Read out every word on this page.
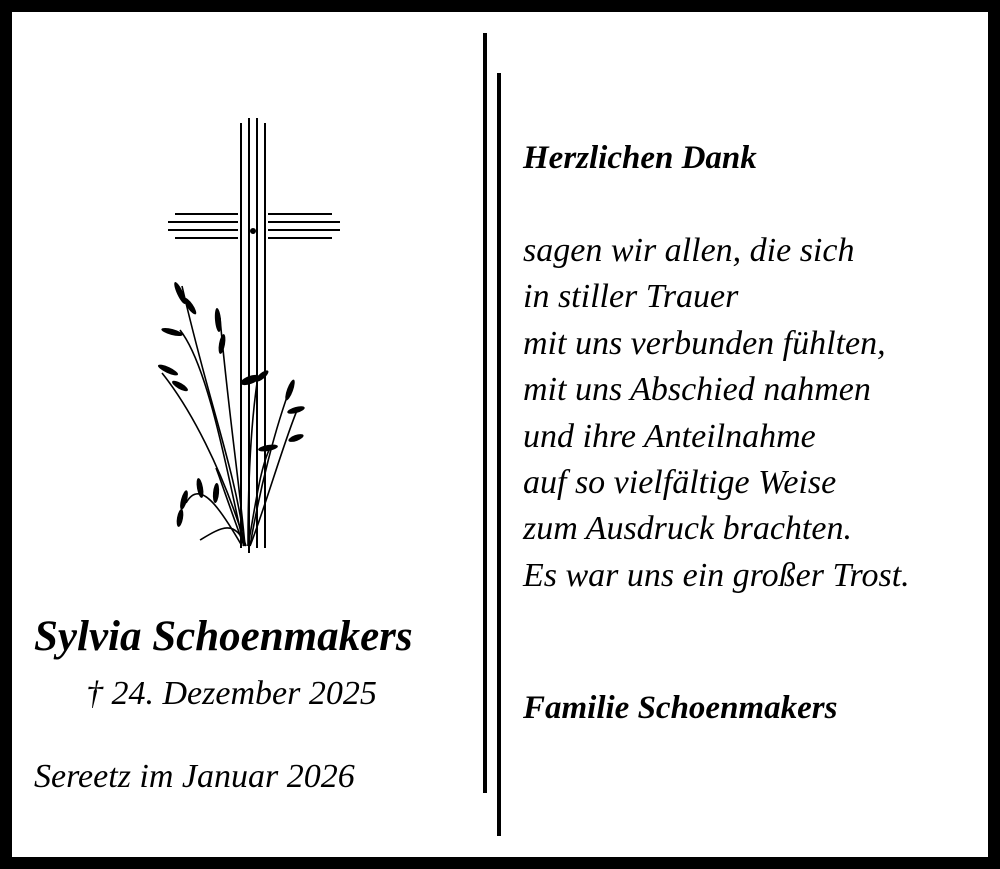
Sylvia Schoenmakers
† 24. Dezember 2025
Sereetz im Januar 2026
Herzlichen Dank
sagen wir allen, die sich
in stiller Trauer
mit uns verbunden fühlten,
mit uns Abschied nahmen
und ihre Anteilnahme
auf so vielfältige Weise
zum Ausdruck brachten.
Es war uns ein großer Trost.
Familie Schoenmakers
